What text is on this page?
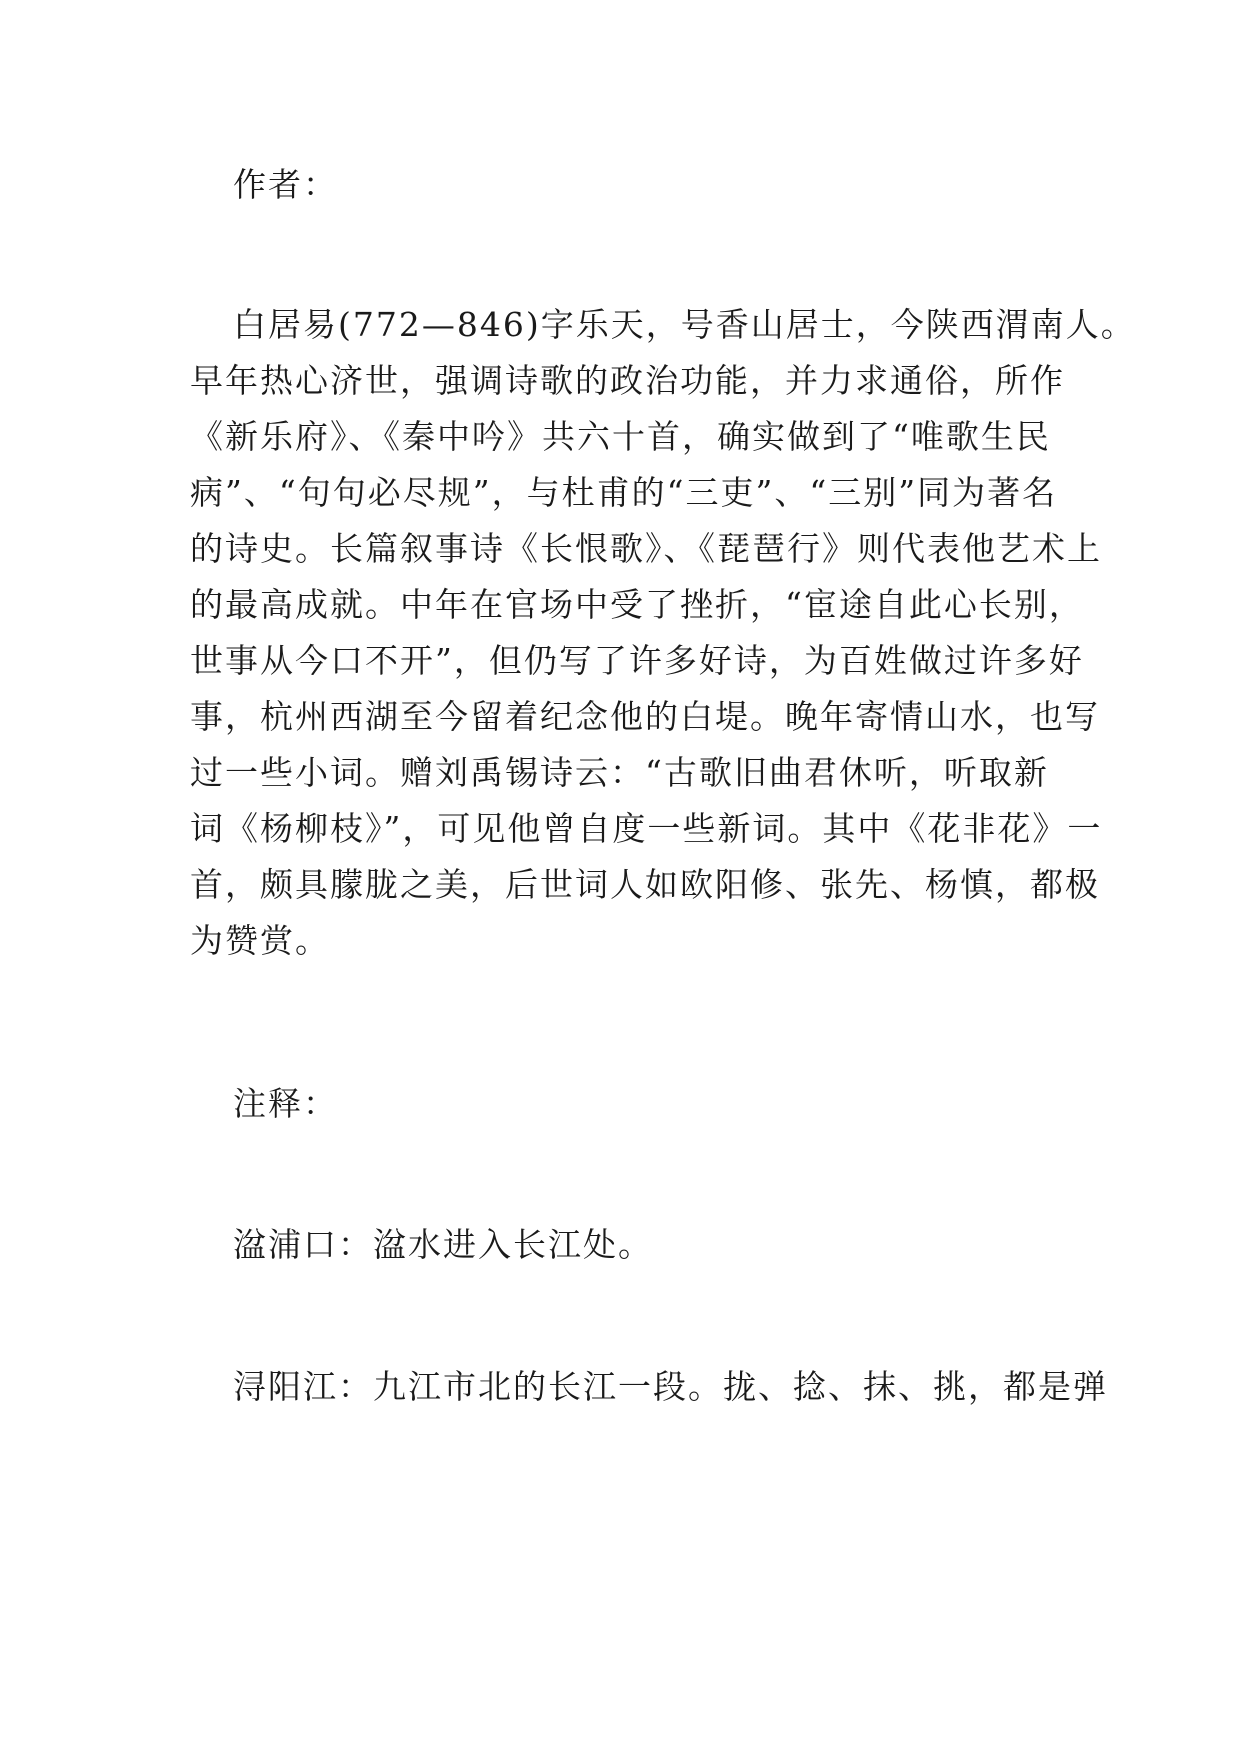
作者：
白居易(772—846)字乐天，号香山居士，今陕西渭南人。
早年热心济世，强调诗歌的政治功能，并力求通俗，所作
《新乐府》、《秦中吟》共六十首，确实做到了“唯歌生民
病”、“句句必尽规”，与杜甫的“三吏”、“三别”同为著名
的诗史。长篇叙事诗《长恨歌》、《琵琶行》则代表他艺术上
的最高成就。中年在官场中受了挫折，“宦途自此心长别，
世事从今口不开”，但仍写了许多好诗，为百姓做过许多好
事，杭州西湖至今留着纪念他的白堤。晚年寄情山水，也写
过一些小词。赠刘禹锡诗云：“古歌旧曲君休听，听取新
词《杨柳枝》”，可见他曾自度一些新词。其中《花非花》一
首，颇具朦胧之美，后世词人如欧阳修、张先、杨慎，都极
为赞赏。
注释：
湓浦口：湓水进入长江处。
浔阳江：九江市北的长江一段。拢、捻、抹、挑，都是弹
